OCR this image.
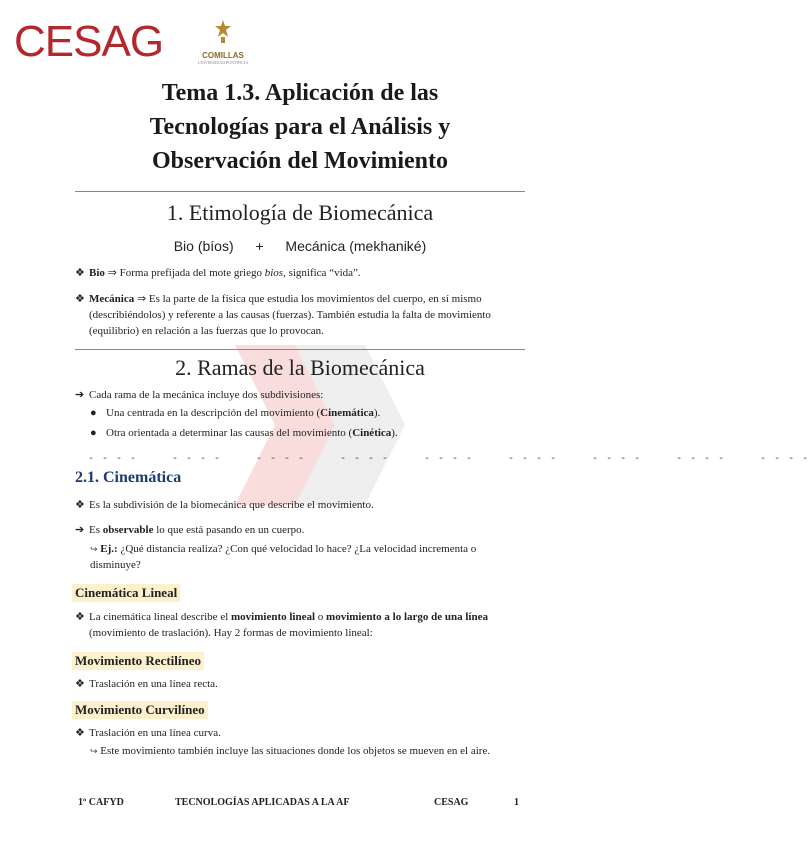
CESAG	COMILLAS
UNIVERSIDAD PONTIFICIA
Tema 1.3. Aplicación de las
Tecnologías para el Análisis y
Observación del Movimiento
1. Etimología de Biomecánica
Bio (bíos) + Mecánica (mekhaniké)
❖ Bio ⇒ Forma prefijada del mote griego bios, significa “vida”.
❖ Mecánica ⇒ Es la parte de la física que estudia los movimientos del cuerpo, en sí mismo (describiéndolos) y referente a las causas (fuerzas). También estudia la falta de movimiento (equilibrio) en relación a las fuerzas que lo provocan.
2. Ramas de la Biomecánica
➔ Cada rama de la mecánica incluye dos subdivisiones:
● Una centrada en la descripción del movimiento (Cinemática).
● Otra orientada a determinar las causas del movimiento (Cinética).
- - - -     - - - -     - - - -     - - - -     - - - -     - - - -     - - - -     - - - -     - - - -
2.1. Cinemática
❖ Es la subdivisión de la biomecánica que describe el movimiento.
➔ Es observable lo que está pasando en un cuerpo.
↪ Ej.: ¿Qué distancia realiza? ¿Con qué velocidad lo hace? ¿La velocidad incrementa o disminuye?
Cinemática Lineal
❖ La cinemática lineal describe el movimiento lineal o movimiento a lo largo de una línea (movimiento de traslación). Hay 2 formas de movimiento lineal:
Movimiento Rectilíneo
❖ Traslación en una línea recta.
Movimiento Curvilíneo
❖ Traslación en una línea curva.
↪ Este movimiento también incluye las situaciones donde los objetos se mueven en el aire.
1º CAFYD	TECNOLOGÍAS APLICADAS A LA AF	CESAG	1
